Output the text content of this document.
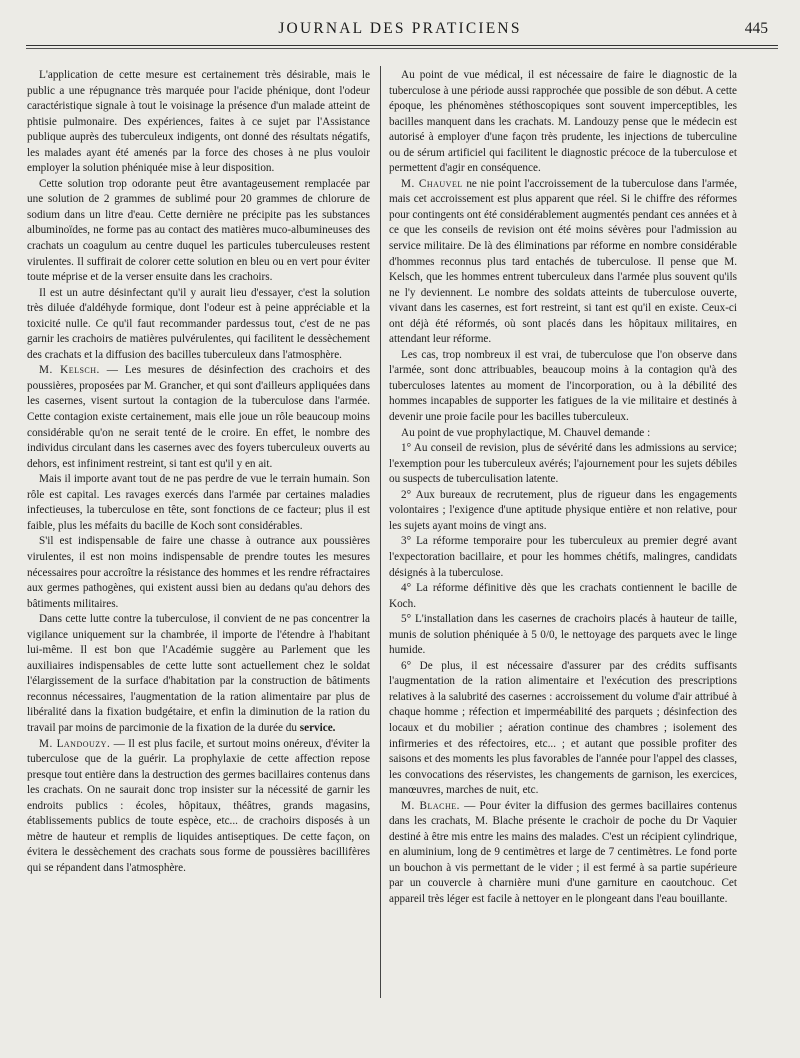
JOURNAL DES PRATICIENS	445

L'application de cette mesure est certainement très désirable, mais le public a une répugnance très marquée pour l'acide phénique, dont l'odeur caractéristique signale à tout le voisinage la présence d'un malade atteint de phtisie pulmonaire. Des expériences, faites à ce sujet par l'Assistance publique auprès des tuberculeux indigents, ont donné des résultats négatifs, les malades ayant été amenés par la force des choses à ne plus vouloir employer la solution phéniquée mise à leur disposition.

Cette solution trop odorante peut être avantageusement remplacée par une solution de 2 grammes de sublimé pour 20 grammes de chlorure de sodium dans un litre d'eau. Cette dernière ne précipite pas les substances albuminoïdes, ne forme pas au contact des matières muco-albumineuses des crachats un coagulum au centre duquel les particules tuberculeuses restent virulentes. Il suffirait de colorer cette solution en bleu ou en vert pour éviter toute méprise et de la verser ensuite dans les crachoirs.

Il est un autre désinfectant qu'il y aurait lieu d'essayer, c'est la solution très diluée d'aldéhyde formique, dont l'odeur est à peine appréciable et la toxicité nulle. Ce qu'il faut recommander pardessus tout, c'est de ne pas garnir les crachoirs de matières pulvérulentes, qui facilitent le dessèchement des crachats et la diffusion des bacilles tuberculeux dans l'atmosphère.

M. Kelsch. — Les mesures de désinfection des crachoirs et des poussières, proposées par M. Grancher, et qui sont d'ailleurs appliquées dans les casernes, visent surtout la contagion de la tuberculose dans l'armée. Cette contagion existe certainement, mais elle joue un rôle beaucoup moins considérable qu'on ne serait tenté de le croire. En effet, le nombre des individus circulant dans les casernes avec des foyers tuberculeux ouverts au dehors, est infiniment restreint, si tant est qu'il y en ait.

Mais il importe avant tout de ne pas perdre de vue le terrain humain. Son rôle est capital. Les ravages exercés dans l'armée par certaines maladies infectieuses, la tuberculose en tête, sont fonctions de ce facteur; plus il est faible, plus les méfaits du bacille de Koch sont considérables.

S'il est indispensable de faire une chasse à outrance aux poussières virulentes, il est non moins indispensable de prendre toutes les mesures nécessaires pour accroître la résistance des hommes et les rendre réfractaires aux germes pathogènes, qui existent aussi bien au dedans qu'au dehors des bâtiments militaires.

Dans cette lutte contre la tuberculose, il convient de ne pas concentrer la vigilance uniquement sur la chambrée, il importe de l'étendre à l'habitant lui-même. Il est bon que l'Académie suggère au Parlement que les auxiliaires indispensables de cette lutte sont actuellement chez le soldat l'élargissement de la surface d'habitation par la construction de bâtiments reconnus nécessaires, l'augmentation de la ration alimentaire par plus de libéralité dans la fixation budgétaire, et enfin la diminution de la ration du travail par moins de parcimonie de la fixation de la durée du service.

M. Landouzy. — Il est plus facile, et surtout moins onéreux, d'éviter la tuberculose que de la guérir. La prophylaxie de cette affection repose presque tout entière dans la destruction des germes bacillaires contenus dans les crachats. On ne saurait donc trop insister sur la nécessité de garnir les endroits publics : écoles, hôpitaux, théâtres, grands magasins, établissements publics de toute espèce, etc... de crachoirs disposés à un mètre de hauteur et remplis de liquides antiseptiques. De cette façon, on évitera le dessèchement des crachats sous forme de poussières bacillifères qui se répandent dans l'atmosphère.

Au point de vue médical, il est nécessaire de faire le diagnostic de la tuberculose à une période aussi rapprochée que possible de son début. A cette époque, les phénomènes stéthoscopiques sont souvent imperceptibles, les bacilles manquent dans les crachats. M. Landouzy pense que le médecin est autorisé à employer d'une façon très prudente, les injections de tuberculine ou de sérum artificiel qui facilitent le diagnostic précoce de la tuberculose et permettent d'agir en conséquence.

M. Chauvel ne nie point l'accroissement de la tuberculose dans l'armée, mais cet accroissement est plus apparent que réel. Si le chiffre des réformes pour contingents ont été considérablement augmentés pendant ces années et à ce que les conseils de revision ont été moins sévères pour l'admission au service militaire. De là des éliminations par réforme en nombre considérable d'hommes reconnus plus tard entachés de tuberculose. Il pense que M. Kelsch, que les hommes entrent tuberculeux dans l'armée plus souvent qu'ils ne l'y deviennent. Le nombre des soldats atteints de tuberculose ouverte, vivant dans les casernes, est fort restreint, si tant est qu'il en existe. Ceux-ci ont déjà été réformés, où sont placés dans les hôpitaux militaires, en attendant leur réforme.

Les cas, trop nombreux il est vrai, de tuberculose que l'on observe dans l'armée, sont donc attribuables, beaucoup moins à la contagion qu'à des tuberculoses latentes au moment de l'incorporation, ou à la débilité des hommes incapables de supporter les fatigues de la vie militaire et destinés à devenir une proie facile pour les bacilles tuberculeux.

Au point de vue prophylactique, M. Chauvel demande :

1° Au conseil de revision, plus de sévérité dans les admissions au service; l'exemption pour les tuberculeux avérés; l'ajournement pour les sujets débiles ou suspects de tuberculisation latente.

2° Aux bureaux de recrutement, plus de rigueur dans les engagements volontaires ; l'exigence d'une aptitude physique entière et non relative, pour les sujets ayant moins de vingt ans.

3° La réforme temporaire pour les tuberculeux au premier degré avant l'expectoration bacillaire, et pour les hommes chétifs, malingres, candidats désignés à la tuberculose.

4° La réforme définitive dès que les crachats contiennent le bacille de Koch.

5° L'installation dans les casernes de crachoirs placés à hauteur de taille, munis de solution phéniquée à 5 0/0, le nettoyage des parquets avec le linge humide.

6° De plus, il est nécessaire d'assurer par des crédits suffisants l'augmentation de la ration alimentaire et l'exécution des prescriptions relatives à la salubrité des casernes : accroissement du volume d'air attribué à chaque homme ; réfection et imperméabilité des parquets ; désinfection des locaux et du mobilier ; aération continue des chambres ; isolement des infirmeries et des réfectoires, etc... ; et autant que possible profiter des saisons et des moments les plus favorables de l'année pour l'appel des classes, les convocations des réservistes, les changements de garnison, les exercices, manœuvres, marches de nuit, etc.

M. Blache. — Pour éviter la diffusion des germes bacillaires contenus dans les crachats, M. Blache présente le crachoir de poche du Dr Vaquier destiné à être mis entre les mains des malades. C'est un récipient cylindrique, en aluminium, long de 9 centimètres et large de 7 centimètres. Le fond porte un bouchon à vis permettant de le vider ; il est fermé à sa partie supérieure par un couvercle à charnière muni d'une garniture en caoutchouc. Cet appareil très léger est facile à nettoyer en le plongeant dans l'eau bouillante.
